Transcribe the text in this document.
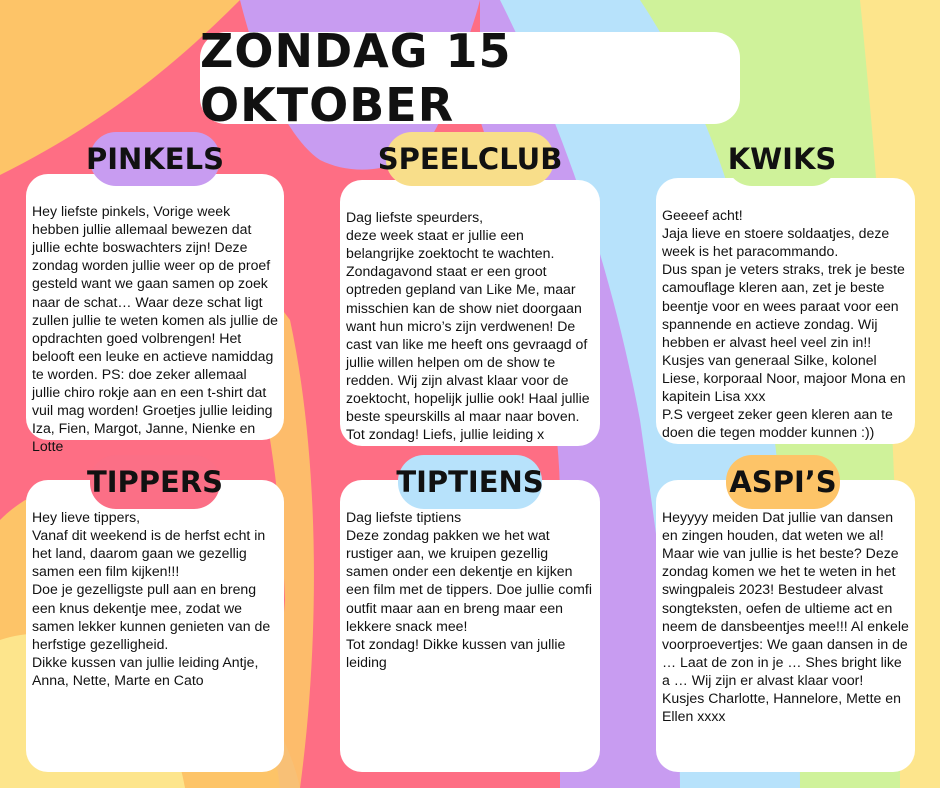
ZONDAG 15 OKTOBER

Hey liefste pinkels, Vorige week hebben jullie allemaal bewezen dat jullie echte boswachters zijn! Deze zondag worden jullie weer op de proef gesteld want we gaan samen op zoek naar de schat… Waar deze schat ligt zullen jullie te weten komen als jullie de opdrachten goed volbrengen! Het belooft een leuke en actieve namiddag te worden. PS: doe zeker allemaal jullie chiro rokje aan en een t-shirt dat vuil mag worden! Groetjes jullie leiding Iza, Fien, Margot, Janne, Nienke en Lotte

PINKELS

Dag liefste speurders,
deze week staat er jullie een belangrijke zoektocht te wachten. Zondagavond staat er een groot optreden gepland van Like Me, maar misschien kan de show niet doorgaan want hun micro’s zijn verdwenen! De cast van like me heeft ons gevraagd of jullie willen helpen om de show te redden. Wij zijn alvast klaar voor de zoektocht, hopelijk jullie ook! Haal jullie beste speurskills al maar naar boven.
Tot zondag! Liefs, jullie leiding x

SPEELCLUB

Geeeef acht!
Jaja lieve en stoere soldaatjes, deze week is het paracommando.
Dus span je veters straks, trek je beste camouflage kleren aan, zet je beste beentje voor en wees paraat voor een spannende en actieve zondag. Wij hebben er alvast heel veel zin in!! Kusjes van generaal Silke, kolonel Liese, korporaal Noor, majoor Mona en kapitein Lisa xxx
P.S vergeet zeker geen kleren aan te doen die tegen modder kunnen :))

KWIKS

Hey lieve tippers,
Vanaf dit weekend is de herfst echt in het land, daarom gaan we gezellig samen een film kijken!!!
Doe je gezelligste pull aan en breng een knus dekentje mee, zodat we samen lekker kunnen genieten van de herfstige gezelligheid.
Dikke kussen van jullie leiding Antje, Anna, Nette, Marte en Cato

TIPPERS

Dag liefste tiptiens
Deze zondag pakken we het wat rustiger aan, we kruipen gezellig samen onder een dekentje en kijken een film met de tippers. Doe jullie comfi outfit maar aan en breng maar een lekkere snack mee!
Tot zondag! Dikke kussen van jullie leiding

TIPTIENS

Heyyyy meiden Dat jullie van dansen en zingen houden, dat weten we al! Maar wie van jullie is het beste? Deze zondag komen we het te weten in het swingpaleis 2023! Bestudeer alvast songteksten, oefen de ultieme act en neem de dansbeentjes mee!!! Al enkele voorproevertjes: We gaan dansen in de … Laat de zon in je … Shes bright like a … Wij zijn er alvast klaar voor! Kusjes Charlotte, Hannelore, Mette en Ellen xxxx

ASPI’S
